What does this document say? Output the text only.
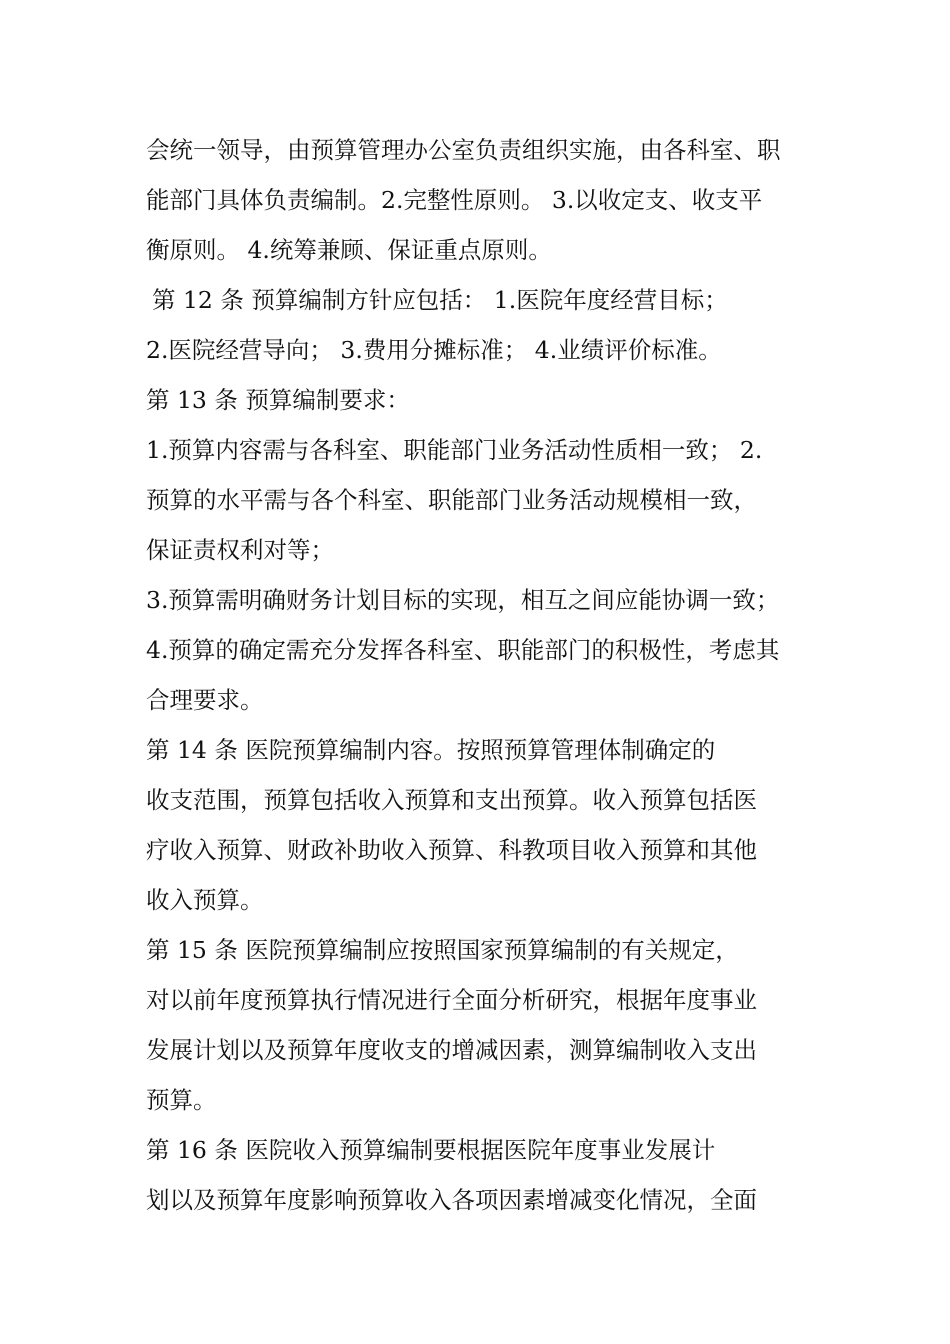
会统一领导，由预算管理办公室负责组织实施，由各科室、职
能部门具体负责编制。2.完整性原则。 3.以收定支、收支平
衡原则。 4.统筹兼顾、保证重点原则。
第 12 条 预算编制方针应包括： 1.医院年度经营目标；
2.医院经营导向； 3.费用分摊标准； 4.业绩评价标准。
第 13 条 预算编制要求：
1.预算内容需与各科室、职能部门业务活动性质相一致； 2.
预算的水平需与各个科室、职能部门业务活动规模相一致，
保证责权利对等；
3.预算需明确财务计划目标的实现，相互之间应能协调一致；
4.预算的确定需充分发挥各科室、职能部门的积极性，考虑其
合理要求。
第 14 条 医院预算编制内容。按照预算管理体制确定的
收支范围，预算包括收入预算和支出预算。收入预算包括医
疗收入预算、财政补助收入预算、科教项目收入预算和其他
收入预算。
第 15 条 医院预算编制应按照国家预算编制的有关规定，
对以前年度预算执行情况进行全面分析研究，根据年度事业
发展计划以及预算年度收支的增减因素，测算编制收入支出
预算。
第 16 条 医院收入预算编制要根据医院年度事业发展计
划以及预算年度影响预算收入各项因素增减变化情况，全面
